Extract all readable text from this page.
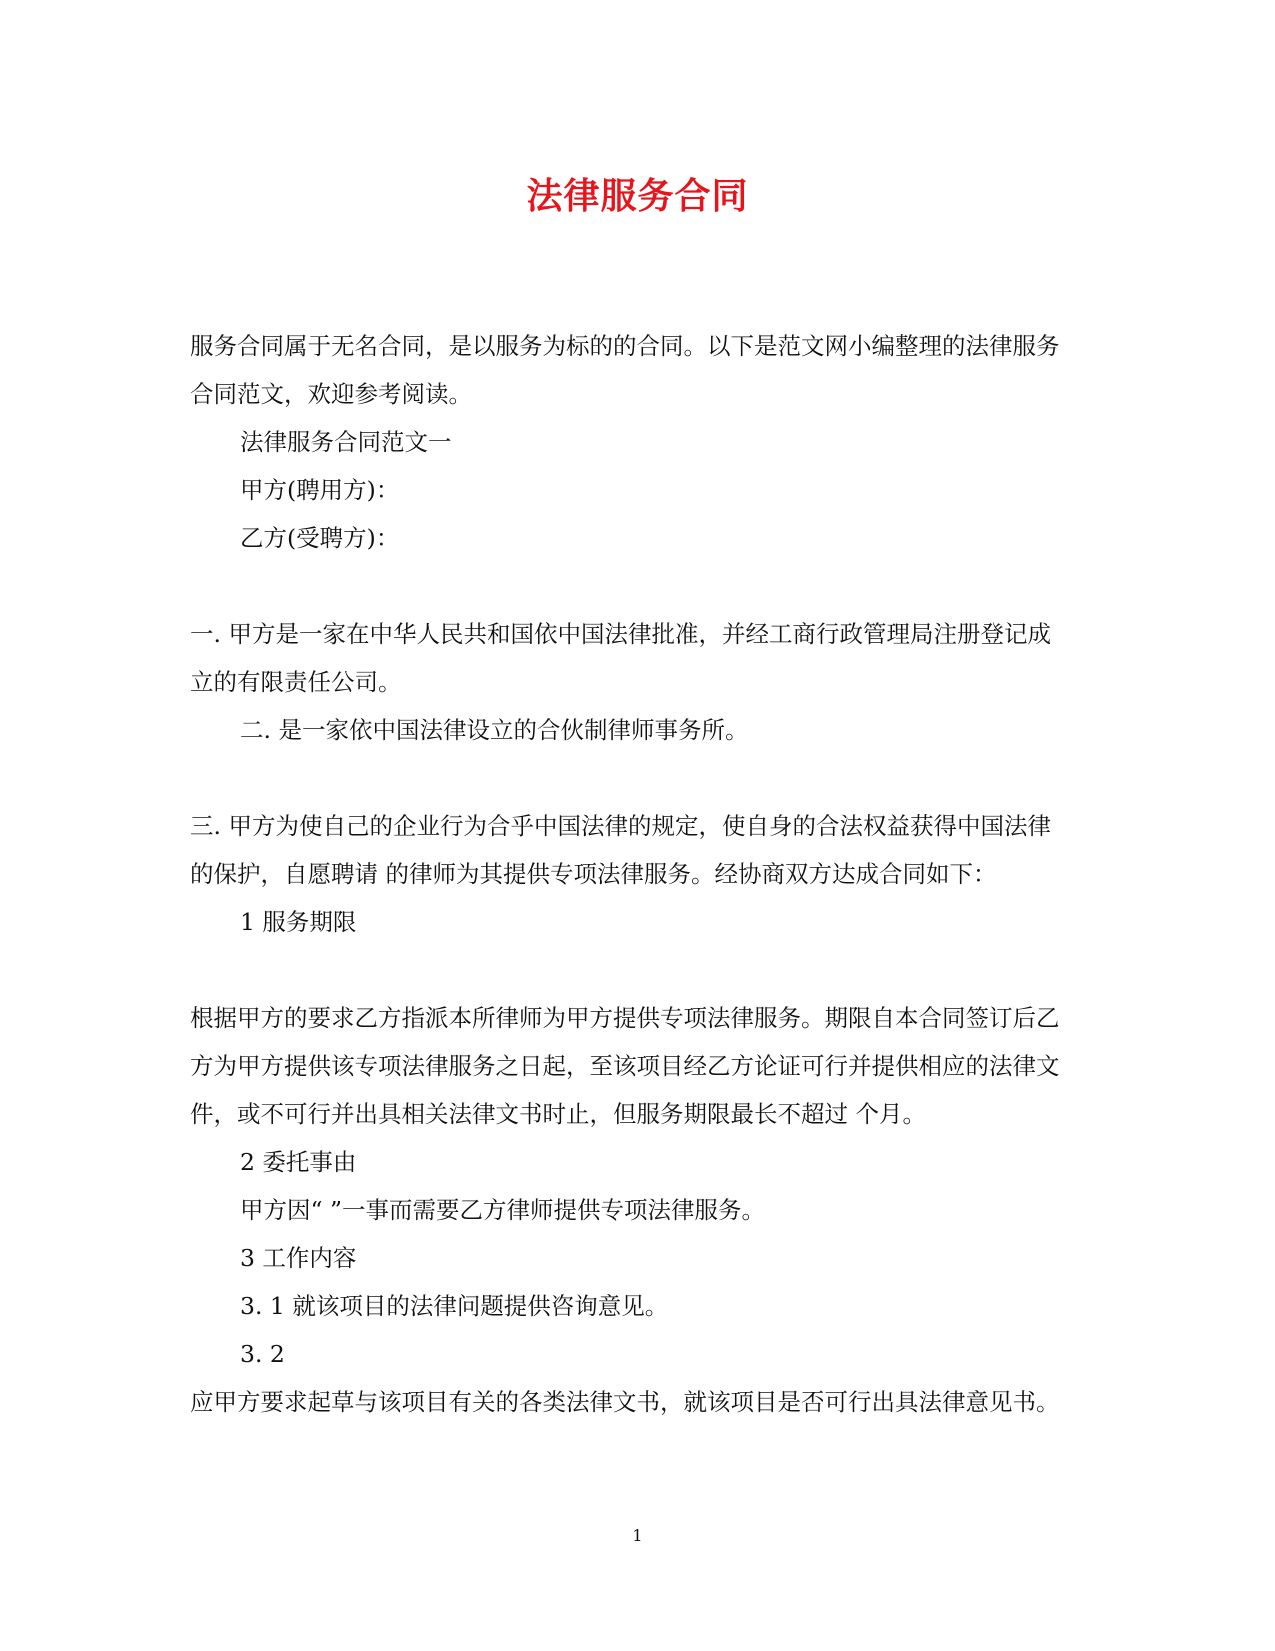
法律服务合同

服务合同属于无名合同，是以服务为标的的合同。以下是范文网小编整理的法律服务合同范文，欢迎参考阅读。

法律服务合同范文一

甲方(聘用方)：

乙方(受聘方)：

一. 甲方是一家在中华人民共和国依中国法律批准，并经工商行政管理局注册登记成立的有限责任公司。

二. 是一家依中国法律设立的合伙制律师事务所。

三. 甲方为使自己的企业行为合乎中国法律的规定，使自身的合法权益获得中国法律的保护，自愿聘请 的律师为其提供专项法律服务。经协商双方达成合同如下：

1 服务期限

根据甲方的要求乙方指派本所律师为甲方提供专项法律服务。期限自本合同签订后乙方为甲方提供该专项法律服务之日起，至该项目经乙方论证可行并提供相应的法律文件，或不可行并出具相关法律文书时止，但服务期限最长不超过 个月。

2 委托事由

甲方因“ ”一事而需要乙方律师提供专项法律服务。

3 工作内容

3. 1 就该项目的法律问题提供咨询意见。

3. 2

应甲方要求起草与该项目有关的各类法律文书，就该项目是否可行出具法律意见书。

1
